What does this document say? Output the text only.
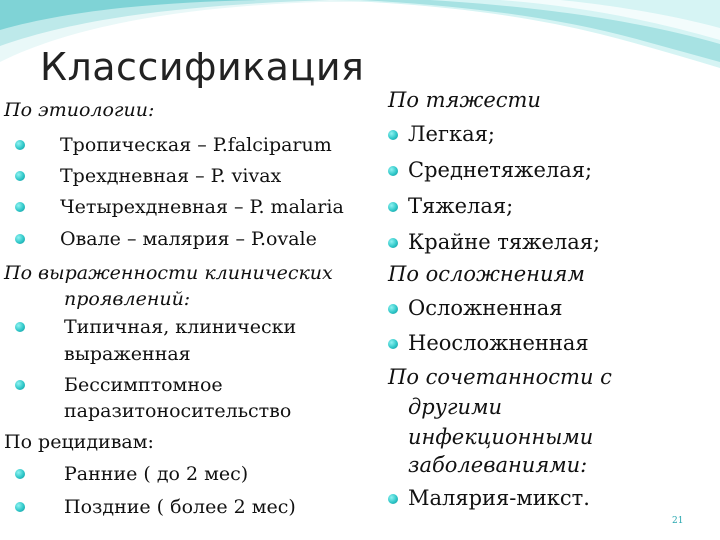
Классификация
По этиологии:
Тропическая – P.falciparum
Трехдневная – P. vivax
Четырехдневная – P. malaria
Овале – малярия – P.ovale
По выраженности клинических
проявлений:
Типичная, клинически
выраженная
Бессимптомное
паразитоносительство
По рецидивам:
Ранние ( до 2 мес)
Поздние ( более 2 мес)
По тяжести
Легкая;
Среднетяжелая;
Тяжелая;
Крайне тяжелая;
По осложнениям
Осложненная
Неосложненная
По сочетанности с
другими
инфекционными
заболеваниями:
Малярия-микст.
21
